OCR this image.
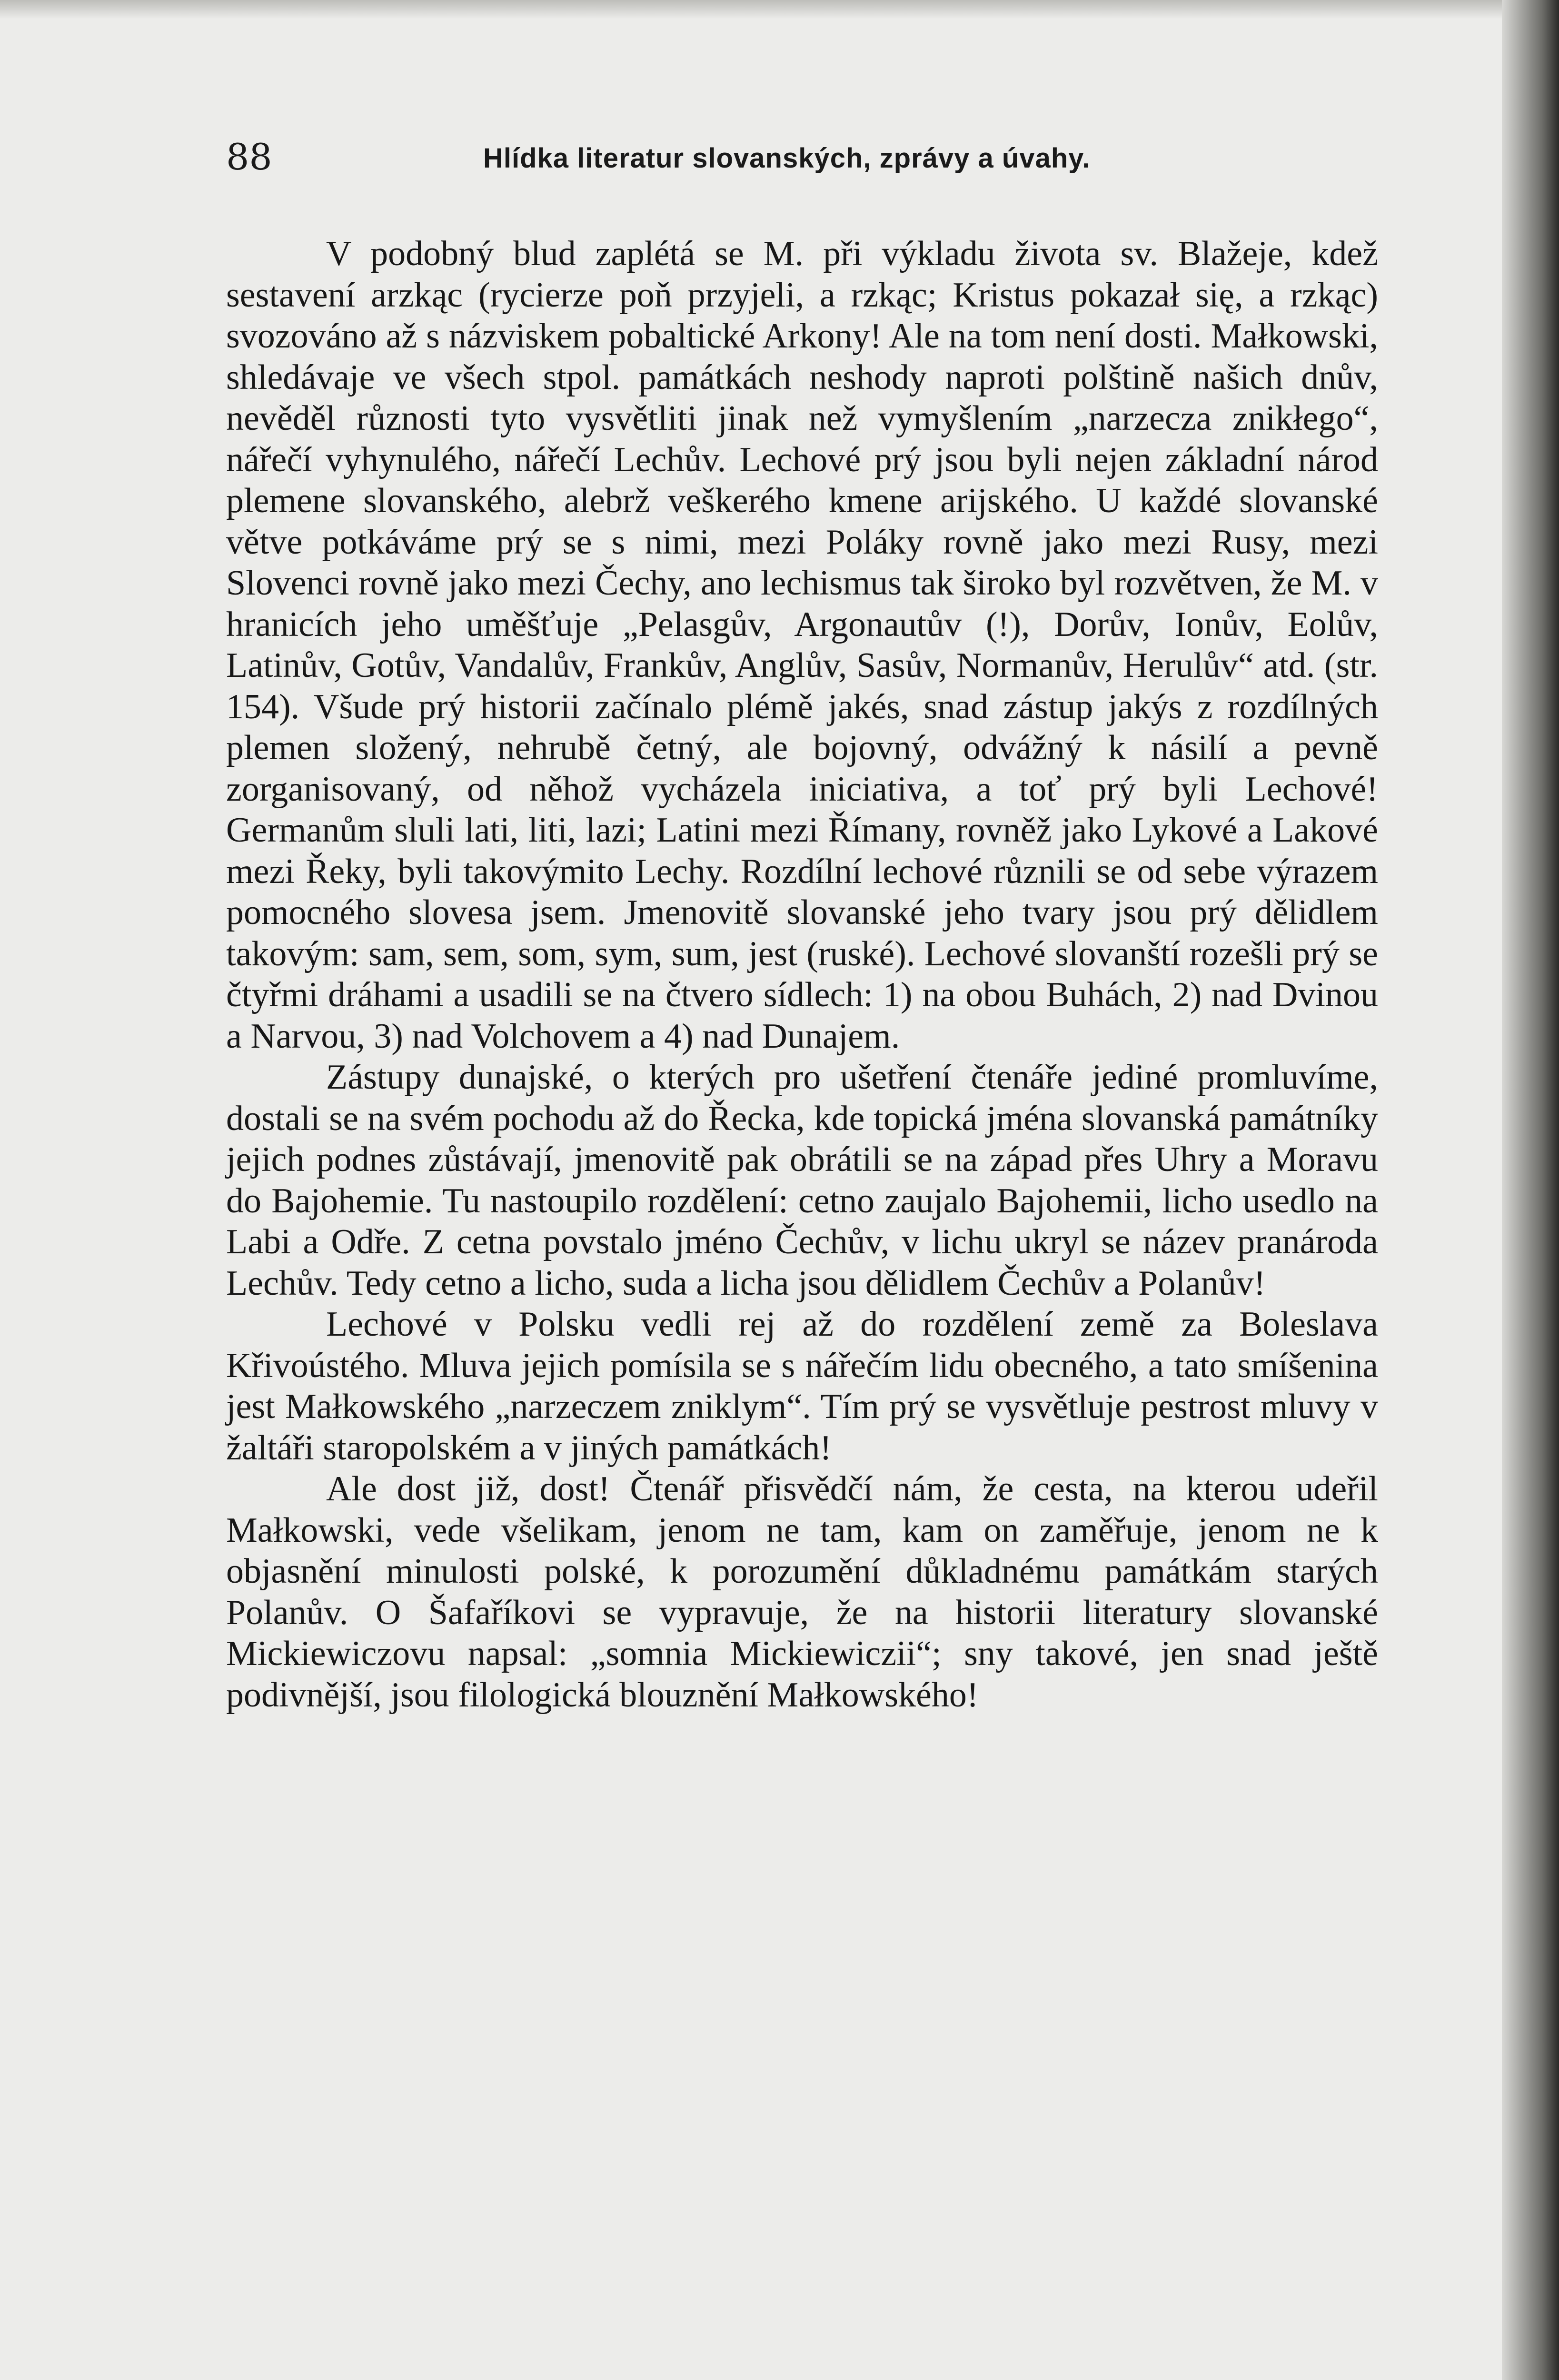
88	Hlídka literatur slovanských, zprávy a úvahy.

V podobný blud zaplétá se M. při výkladu života sv. Blažeje, kdež sestavení arzkąc (rycierze poň przyjeli, a rzkąc; Kristus pokazał się, a rzkąc) svozováno až s názviskem pobaltické Arkony! Ale na tom není dosti. Małkowski, shledávaje ve všech stpol. památkách neshody naproti polštině našich dnův, nevěděl různosti tyto vysvětliti jinak než vymyšlením „narzecza znikłego“, nářečí vyhynulého, nářečí Lechův. Lechové prý jsou byli nejen základní národ plemene slovanského, alebrž veškerého kmene arijského. U každé slovanské větve potkáváme prý se s nimi, mezi Poláky rovně jako mezi Rusy, mezi Slovenci rovně jako mezi Čechy, ano lechismus tak široko byl rozvětven, že M. v hranicích jeho uměšťuje „Pelasgův, Argonautův (!), Dorův, Ionův, Eolův, Latinův, Gotův, Vandalův, Frankův, Anglův, Sasův, Normanův, Herulův“ atd. (str. 154). Všude prý historii začínalo plémě jakés, snad zástup jakýs z rozdílných plemen složený, nehrubě četný, ale bojovný, odvážný k násilí a pevně zorganisovaný, od něhož vycházela iniciativa, a toť prý byli Lechové! Germanům sluli lati, liti, lazi; Latini mezi Římany, rovněž jako Lykové a Lakové mezi Řeky, byli takovýmito Lechy. Rozdílní lechové různili se od sebe výrazem pomocného slovesa jsem. Jmenovitě slovanské jeho tvary jsou prý dělidlem takovým: sam, sem, som, sym, sum, jest (ruské). Lechové slovanští rozešli prý se čtyřmi dráhami a usadili se na čtvero sídlech: 1) na obou Buhách, 2) nad Dvinou a Narvou, 3) nad Volchovem a 4) nad Dunajem.

Zástupy dunajské, o kterých pro ušetření čtenáře jediné promluvíme, dostali se na svém pochodu až do Řecka, kde topická jména slovanská památníky jejich podnes zůstávají, jmenovitě pak obrátili se na západ přes Uhry a Moravu do Bajohemie. Tu nastoupilo rozdělení: cetno zaujalo Bajohemii, licho usedlo na Labi a Odře. Z cetna povstalo jméno Čechův, v lichu ukryl se název pranároda Lechův. Tedy cetno a licho, suda a licha jsou dělidlem Čechův a Polanův!

Lechové v Polsku vedli rej až do rozdělení země za Boleslava Křivoústého. Mluva jejich pomísila se s nářečím lidu obecného, a tato smíšenina jest Małkowského „narzeczem zniklym“. Tím prý se vysvětluje pestrost mluvy v žaltáři staropolském a v jiných památkách!

Ale dost již, dost! Čtenář přisvědčí nám, že cesta, na kterou udeřil Małkowski, vede všelikam, jenom ne tam, kam on zaměřuje, jenom ne k objasnění minulosti polské, k porozumění důkladnému památkám starých Polanův. O Šafaříkovi se vypravuje, že na historii literatury slovanské Mickiewiczovu napsal: „somnia Mickiewiczii“; sny takové, jen snad ještě podivnější, jsou filologická blouznění Małkowského!
